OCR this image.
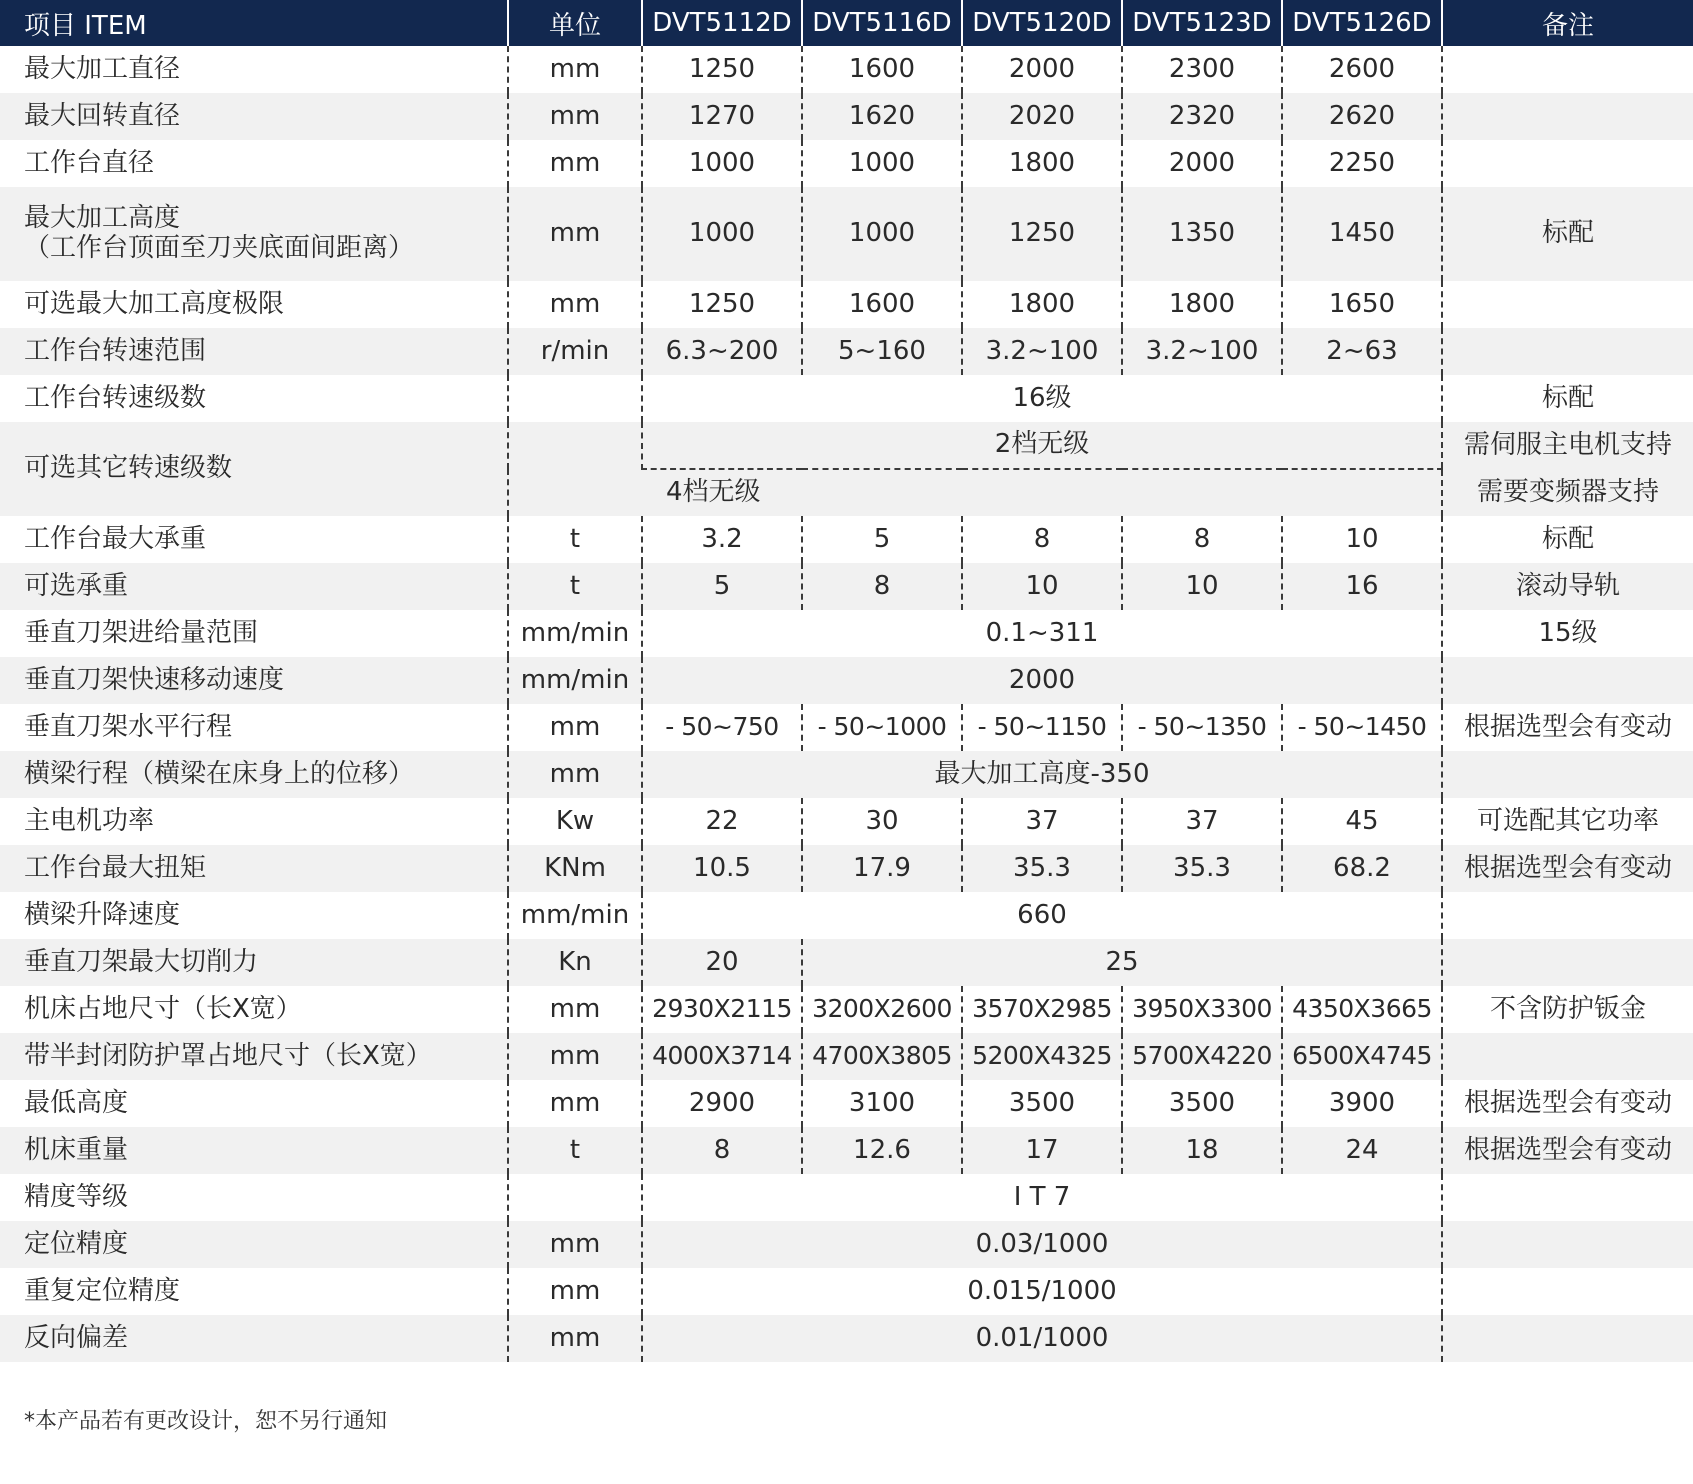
项目 ITEM	单位	DVT5112D	DVT5116D	DVT5120D	DVT5123D	DVT5126D	备注
最大加工直径	mm	1250	1600	2000	2300	2600	
最大回转直径	mm	1270	1620	2020	2320	2620	
工作台直径	mm	1000	1000	1800	2000	2250	

最大加工高度
（工作台顶面至刀夹底面间距离）	mm	1000	1000	1250	1350	1450	标配
可选最大加工高度极限	mm	1250	1600	1800	1800	1650	
工作台转速范围	r/min	6.3~200	5~160	3.2~100	3.2~100	2~63	
工作台转速级数		16级					标配
可选其它转速级数		2档无级					需伺服主电机支持
		4档无级					需要变频器支持
工作台最大承重	t	3.2	5	8	8	10	标配
可选承重	t	5	8	10	10	16	滚动导轨
垂直刀架进给量范围	mm/min	0.1~311					15级
垂直刀架快速移动速度	mm/min	2000					
垂直刀架水平行程	mm	- 50~750	- 50~1000	- 50~1150	- 50~1350	- 50~1450	根据选型会有变动
横梁行程（横梁在床身上的位移）	mm	最大加工高度-350					
主电机功率	Kw	22	30	37	37	45	可选配其它功率
工作台最大扭矩	KNm	10.5	17.9	35.3	35.3	68.2	根据选型会有变动
横梁升降速度	mm/min	660					
垂直刀架最大切削力	Kn	20	25				
机床占地尺寸（长X宽）	mm	2930X2115	3200X2600	3570X2985	3950X3300	4350X3665	不含防护钣金
带半封闭防护罩占地尺寸（长X宽）	mm	4000X3714	4700X3805	5200X4325	5700X4220	6500X4745	
最低高度	mm	2900	3100	3500	3500	3900	根据选型会有变动
机床重量	t	8	12.6	17	18	24	根据选型会有变动
精度等级		I T 7					
定位精度	mm	0.03/1000					
重复定位精度	mm	0.015/1000					
反向偏差	mm	0.01/1000					
*本产品若有更改设计，恕不另行通知
